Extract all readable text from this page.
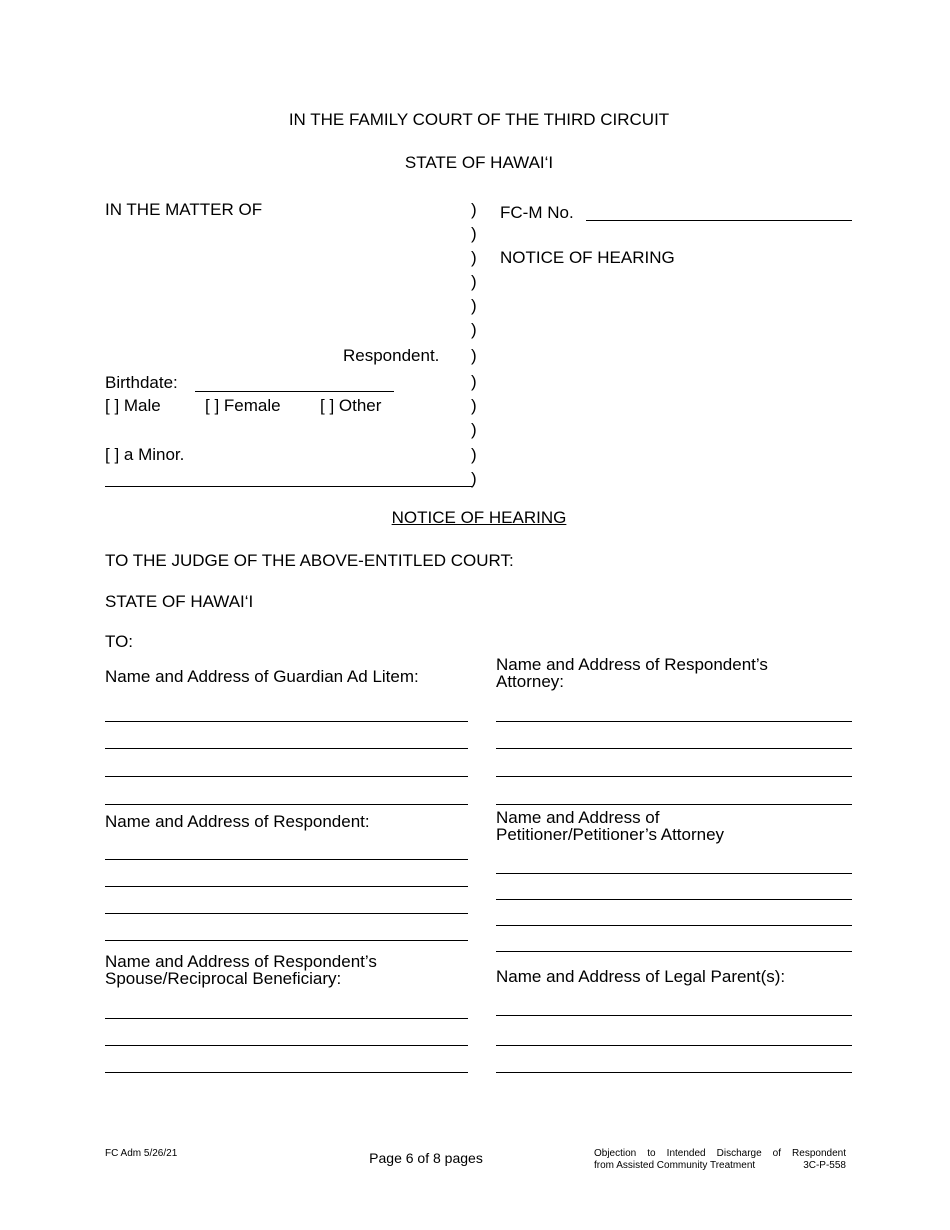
IN THE FAMILY COURT OF THE THIRD CIRCUIT
STATE OF HAWAI‘I
IN THE MATTER OF
Respondent.
Birthdate:
[ ] Male	[ ] Female [ ] Other
[ ] a Minor.
)
)
)
)
)
)
)
)
)
)
)
)
FC-M No.
NOTICE OF HEARING
NOTICE OF HEARING
TO THE JUDGE OF THE ABOVE-ENTITLED COURT:
STATE OF HAWAI‘I
TO:
Name and Address of Guardian Ad Litem:
Name and Address of Respondent’s
Attorney:
Name and Address of Respondent:	Name and Address of
Petitioner/Petitioner’s Attorney
Name and Address of Respondent’s
Spouse/Reciprocal Beneficiary:	Name and Address of Legal Parent(s):
FC Adm 5/26/21	Page 6 of 8 pages	Objection to Intended Discharge of Respondent
from Assisted Community Treatment	3C-P-558
